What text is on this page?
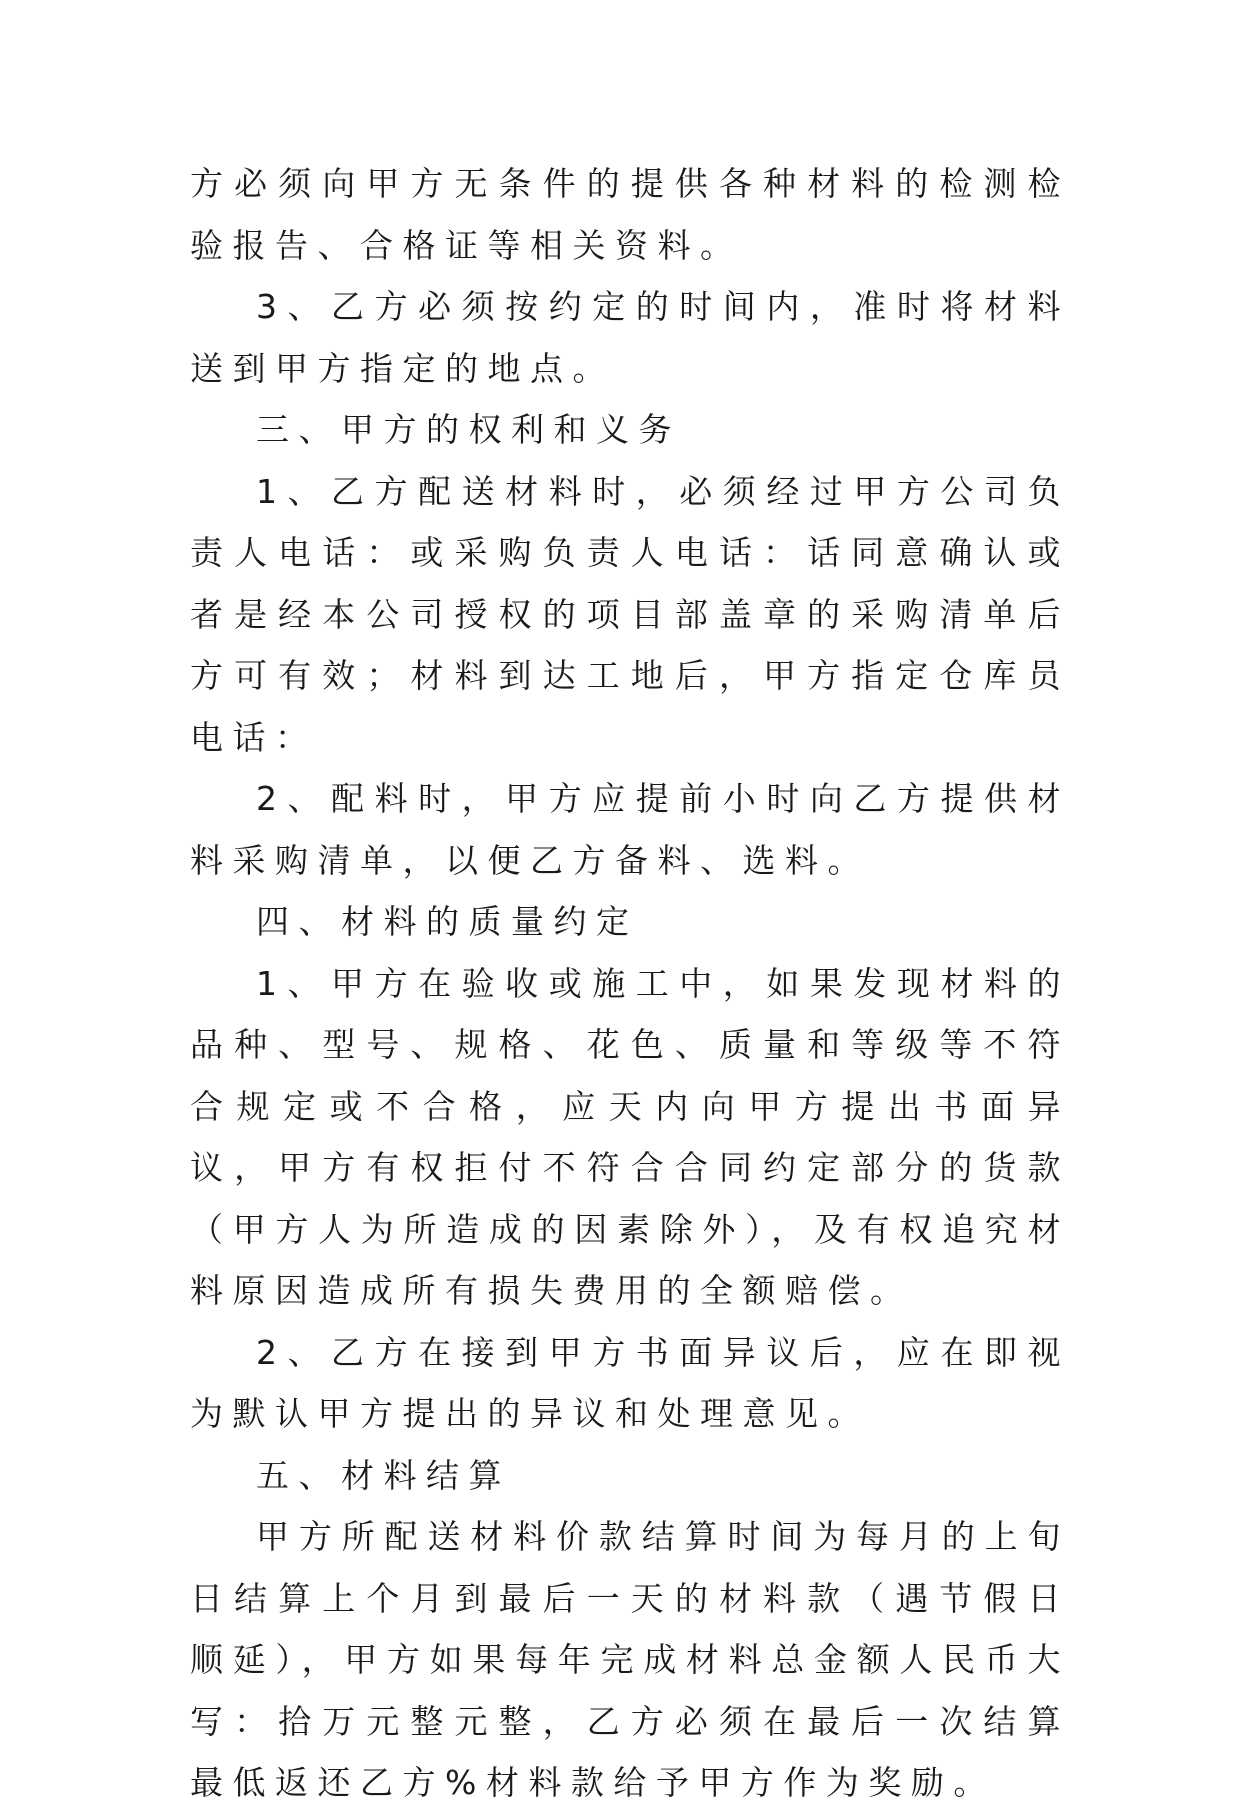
方必须向甲方无条件的提供各种材料的检测检验报告、合格证等相关资料。

3、乙方必须按约定的时间内，准时将材料送到甲方指定的地点。

三、甲方的权利和义务

1、乙方配送材料时，必须经过甲方公司负责人电话：或采购负责人电话：话同意确认或者是经本公司授权的项目部盖章的采购清单后方可有效；材料到达工地后，甲方指定仓库员电话：

2、配料时，甲方应提前小时向乙方提供材料采购清单，以便乙方备料、选料。

四、材料的质量约定

1、甲方在验收或施工中，如果发现材料的品种、型号、规格、花色、质量和等级等不符合规定或不合格，应天内向甲方提出书面异议，甲方有权拒付不符合合同约定部分的货款（甲方人为所造成的因素除外），及有权追究材料原因造成所有损失费用的全额赔偿。

2、乙方在接到甲方书面异议后，应在即视为默认甲方提出的异议和处理意见。

五、材料结算

甲方所配送材料价款结算时间为每月的上旬日结算上个月到最后一天的材料款（遇节假日顺延），甲方如果每年完成材料总金额人民币大写：拾万元整元整，乙方必须在最后一次结算最低返还乙方%材料款给予甲方作为奖励。
